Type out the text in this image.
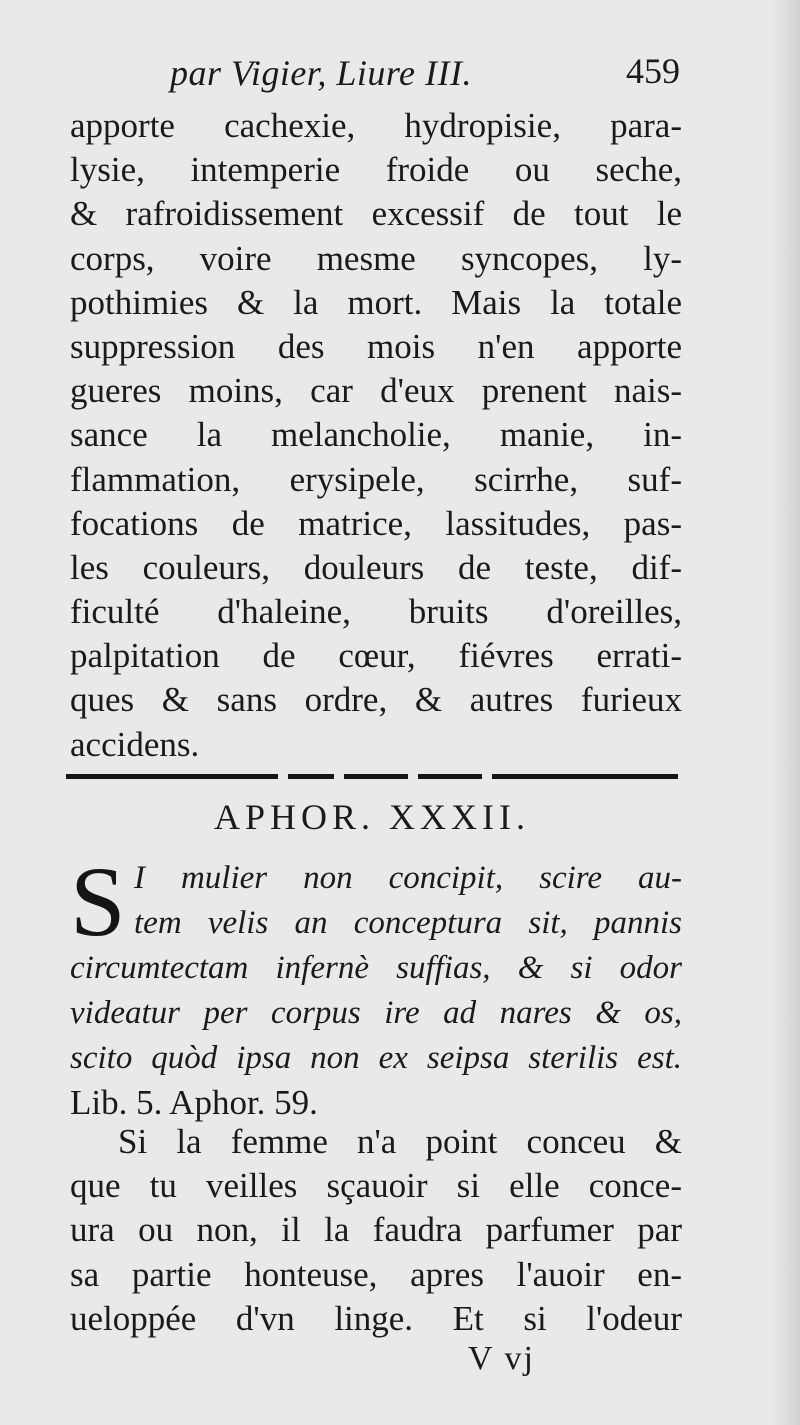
par Vigier, Liure III.	459
apporte cachexie, hydropisie, para-
lysie, intemperie froide ou seche,
& rafroidissement excessif de tout le
corps, voire mesme syncopes, ly-
pothimies & la mort. Mais la totale
suppression des mois n'en apporte
gueres moins, car d'eux prenent nais-
sance la melancholie, manie, in-
flammation, erysipele, scirrhe, suf-
focations de matrice, lassitudes, pas-
les couleurs, douleurs de teste, dif-
ficulté d'haleine, bruits d'oreilles,
palpitation de cœur, fiévres errati-
ques & sans ordre, & autres furieux
accidens.
APHOR. XXXII.
S I mulier non concipit, scire au-
tem velis an conceptura sit, pannis
circumtectam infernè suffias, & si odor
videatur per corpus ire ad nares & os,
scito quòd ipsa non ex seipsa sterilis est.
Lib. 5. Aphor. 59.
Si la femme n'a point conceu &
que tu veilles sçauoir si elle conce-
ura ou non, il la faudra parfumer par
sa partie honteuse, apres l'auoir en-
ueloppée d'vn linge. Et si l'odeur
V vj
